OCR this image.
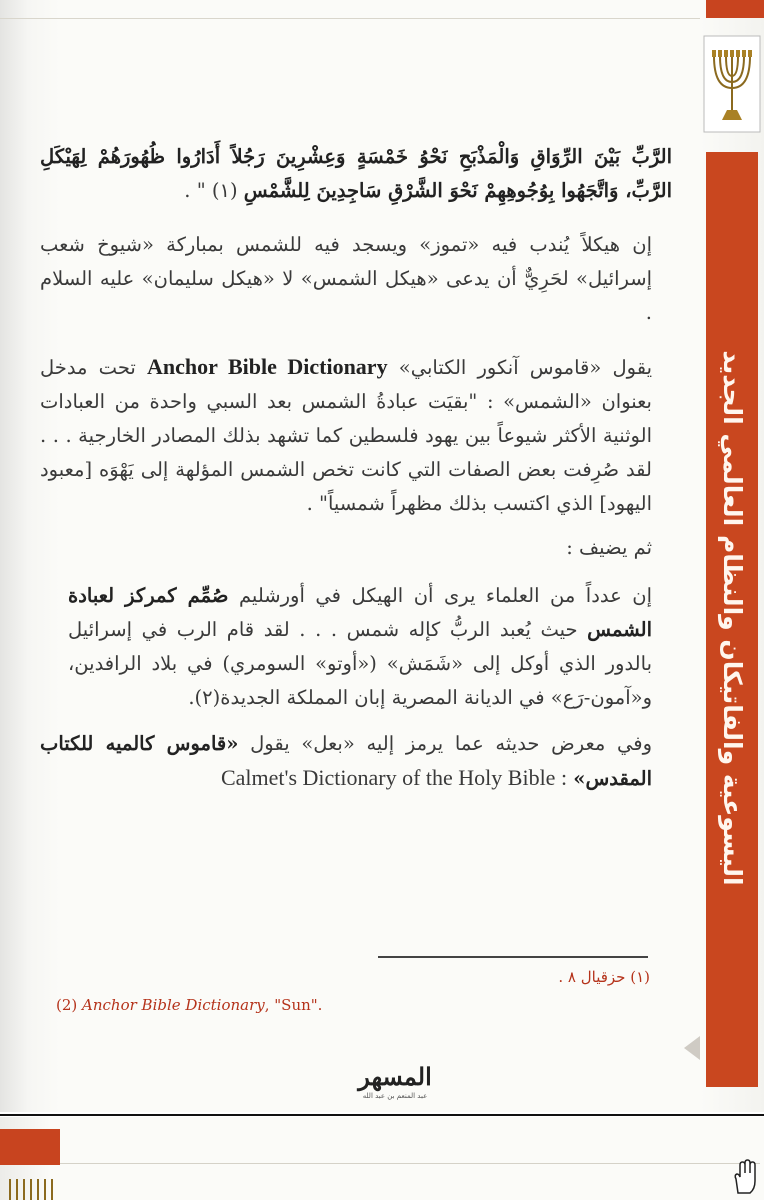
اليسوعية والفاتيكان والنظام العالمي الجديد

الرَّبِّ بَيْنَ الرِّوَاقِ وَالْمَذْبَحِ نَحْوُ خَمْسَةٍ وَعِشْرِينَ رَجُلاً أَدَارُوا ظُهُورَهُمْ لِهَيْكَلِ الرَّبِّ، وَاتَّجَهُوا بِوُجُوهِهِمْ نَحْوَ الشَّرْقِ سَاجِدِينَ لِلشَّمْسِ (١) " .

إن هيكلاً يُندب فيه «تموز» ويسجد فيه للشمس بمباركة «شيوخ شعب إسرائيل» لحَرِيٌّ أن يدعى «هيكل الشمس» لا «هيكل سليمان» عليه السلام .

يقول «قاموس آنكور الكتابي» Anchor Bible Dictionary تحت مدخل بعنوان «الشمس» : "بقيَت عبادةُ الشمس بعد السبي واحدة من العبادات الوثنية الأكثر شيوعاً بين يهود فلسطين كما تشهد بذلك المصادر الخارجية . . . لقد صُرِفت بعض الصفات التي كانت تخص الشمس المؤلهة إلى يَهْوَه [معبود اليهود] الذي اكتسب بذلك مظهراً شمسياً" .

ثم يضيف :

إن عدداً من العلماء يرى أن الهيكل في أورشليم صُمِّم كمركز لعبادة الشمس حيث يُعبد الربُّ كإله شمس . . . لقد قام الرب في إسرائيل بالدور الذي أوكل إلى «شَمَش» («أوتو» السومري) في بلاد الرافدين، و«آمون-رَع» في الديانة المصرية إبان المملكة الجديدة(٢).

وفي معرض حديثه عما يرمز إليه «بعل» يقول «قاموس كالميه للكتاب المقدس» Calmet's Dictionary of the Holy Bible :

(١) حزقيال ٨ .
(2) Anchor Bible Dictionary, "Sun".
المسهر
عبد المنعم بن عبد الله
